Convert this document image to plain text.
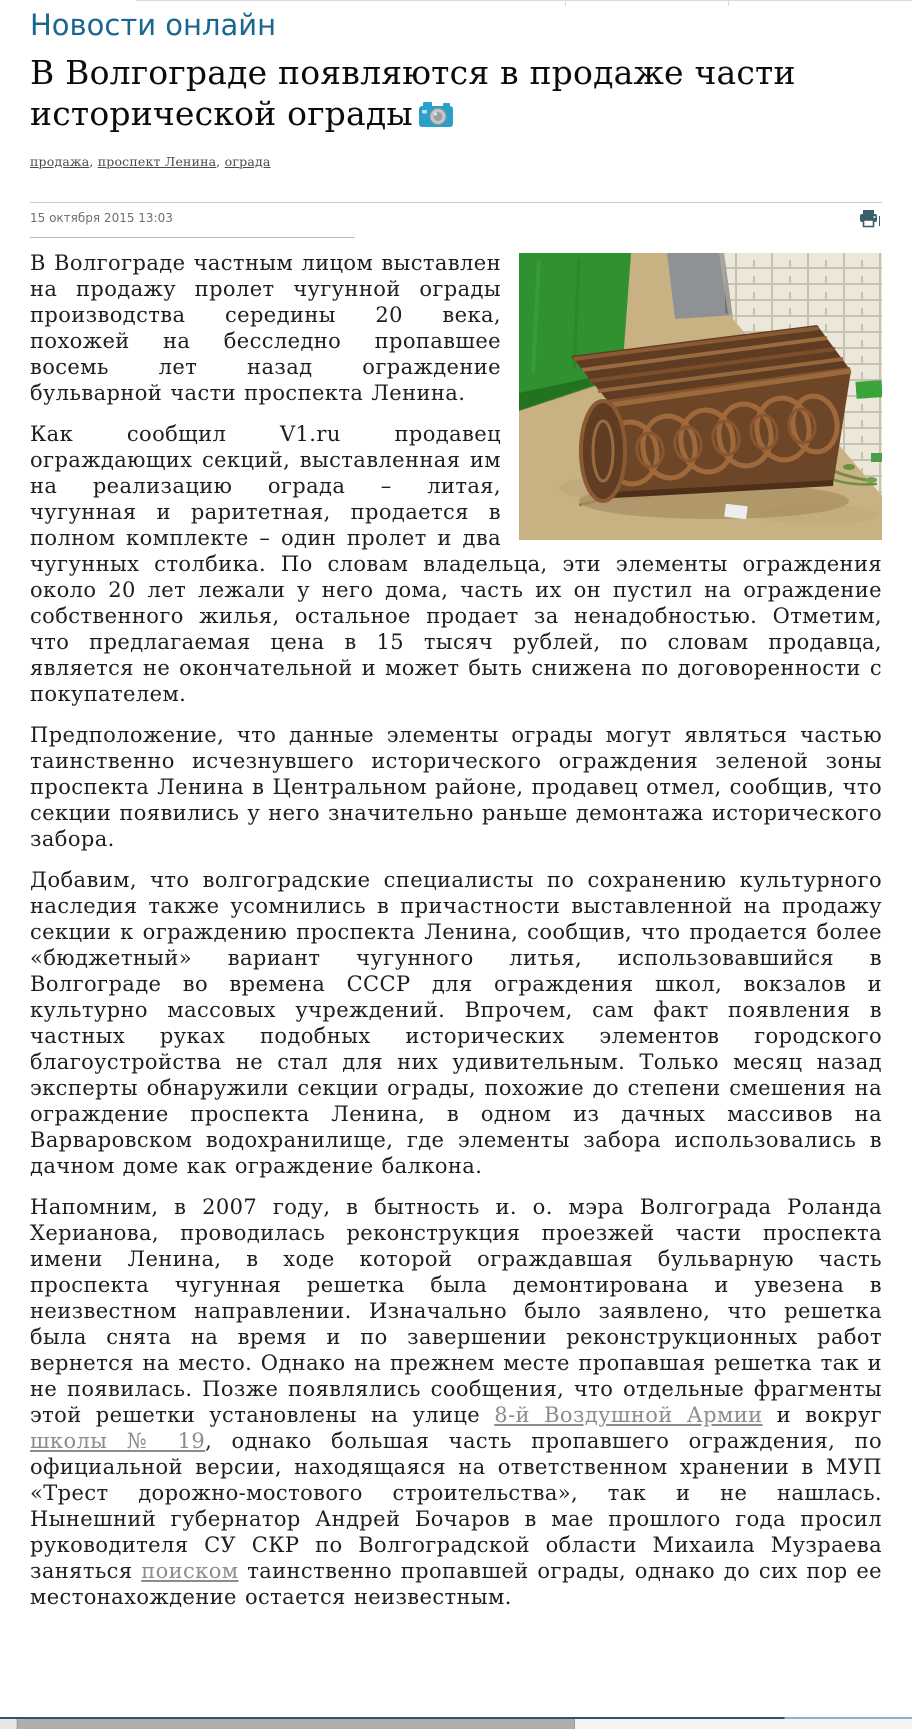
Новости онлайн
В Волгограде появляются в продаже части исторической ограды
продажа, проспект Ленина, ограда
15 октября 2015 13:03

В Волгограде частным лицом выставлен на продажу пролет чугунной ограды производства середины 20 века, похожей на бесследно пропавшее восемь лет назад ограждение бульварной части проспекта Ленина.

Как сообщил V1.ru продавец ограждающих секций, выставленная им на реализацию ограда – литая, чугунная и раритетная, продается в полном комплекте – один пролет и два чугунных столбика. По словам владельца, эти элементы ограждения около 20 лет лежали у него дома, часть их он пустил на ограждение собственного жилья, остальное продает за ненадобностью. Отметим, что предлагаемая цена в 15 тысяч рублей, по словам продавца, является не окончательной и может быть снижена по договоренности с покупателем.

Предположение, что данные элементы ограды могут являться частью таинственно исчезнувшего исторического ограждения зеленой зоны проспекта Ленина в Центральном районе, продавец отмел, сообщив, что секции появились у него значительно раньше демонтажа исторического забора.

Добавим, что волгоградские специалисты по сохранению культурного наследия также усомнились в причастности выставленной на продажу секции к ограждению проспекта Ленина, сообщив, что продается более «бюджетный» вариант чугунного литья, использовавшийся в Волгограде во времена СССР для ограждения школ, вокзалов и культурно массовых учреждений. Впрочем, сам факт появления в частных руках подобных исторических элементов городского благоустройства не стал для них удивительным. Только месяц назад эксперты обнаружили секции ограды, похожие до степени смешения на ограждение проспекта Ленина, в одном из дачных массивов на Варваровском водохранилище, где элементы забора использовались в дачном доме как ограждение балкона.

Напомним, в 2007 году, в бытность и. о. мэра Волгограда Роланда Херианова, проводилась реконструкция проезжей части проспекта имени Ленина, в ходе которой ограждавшая бульварную часть проспекта чугунная решетка была демонтирована и увезена в неизвестном направлении. Изначально было заявлено, что решетка была снята на время и по завершении реконструкционных работ вернется на место. Однако на прежнем месте пропавшая решетка так и не появилась. Позже появлялись сообщения, что отдельные фрагменты этой решетки установлены на улице 8-й Воздушной Армии и вокруг школы № 19, однако большая часть пропавшего ограждения, по официальной версии, находящаяся на ответственном хранении в МУП «Трест дорожно-мостового строительства», так и не нашлась. Нынешний губернатор Андрей Бочаров в мае прошлого года просил руководителя СУ СКР по Волгоградской области Михаила Музраева заняться поиском таинственно пропавшей ограды, однако до сих пор ее местонахождение остается неизвестным.
